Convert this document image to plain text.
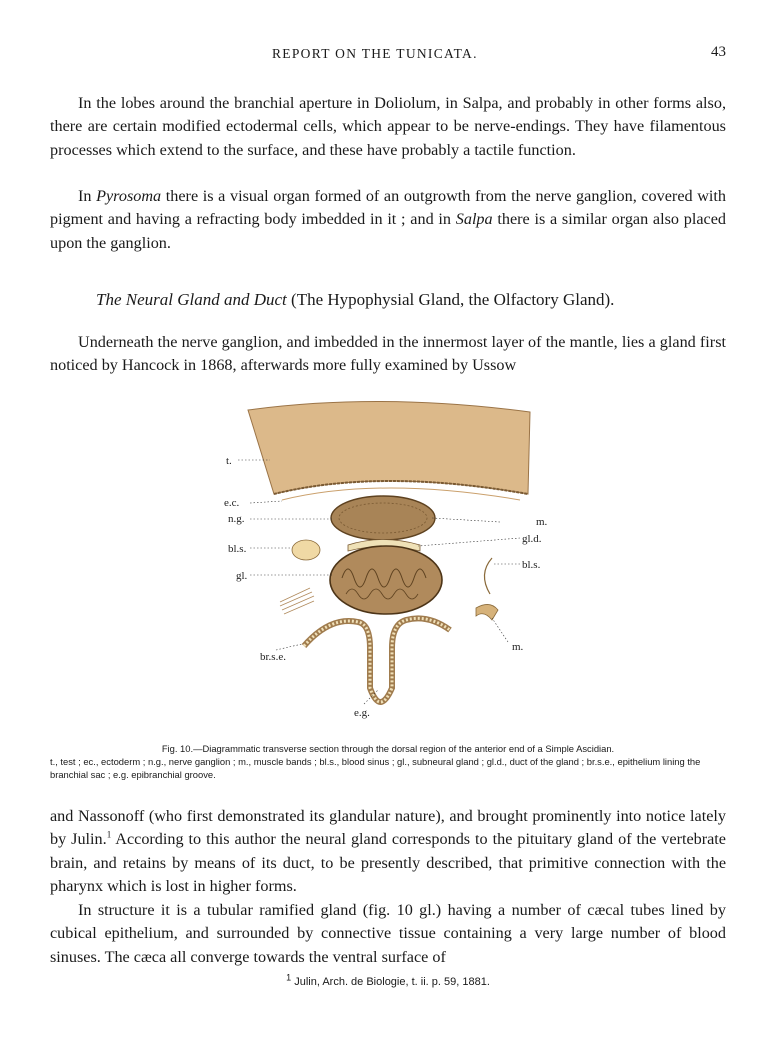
REPORT ON THE TUNICATA.	43

In the lobes around the branchial aperture in Doliolum, in Salpa, and probably in other forms also, there are certain modified ectodermal cells, which appear to be nerve-endings. They have filamentous processes which extend to the surface, and these have probably a tactile function.

In Pyrosoma there is a visual organ formed of an outgrowth from the nerve ganglion, covered with pigment and having a refracting body imbedded in it ; and in Salpa there is a similar organ also placed upon the ganglion.

The Neural Gland and Duct (The Hypophysial Gland, the Olfactory Gland).

Underneath the nerve ganglion, and imbedded in the innermost layer of the mantle, lies a gland first noticed by Hancock in 1868, afterwards more fully examined by Ussow

t.
e.c.
n.g.
bl.s.
gl.
m.
gl.d.
bl.s.
m.
br.s.e.
e.g.

Fig. 10.—Diagrammatic transverse section through the dorsal region of the anterior end of a Simple Ascidian.
t., test ; ec., ectoderm ; n.g., nerve ganglion ; m., muscle bands ; bl.s., blood sinus ; gl., subneural gland ; gl.d., duct of the gland ; br.s.e., epithelium lining the branchial sac ; e.g. epibranchial groove.

and Nassonoff (who first demonstrated its glandular nature), and brought prominently into notice lately by Julin.$^1$ According to this author the neural gland corresponds to the pituitary gland of the vertebrate brain, and retains by means of its duct, to be presently described, that primitive connection with the pharynx which is lost in higher forms.

In structure it is a tubular ramified gland (fig. 10 gl.) having a number of cæcal tubes lined by cubical epithelium, and surrounded by connective tissue containing a very large number of blood sinuses. The cæca all converge towards the ventral surface of

$^1$ Julin, Arch. de Biologie, t. ii. p. 59, 1881.
